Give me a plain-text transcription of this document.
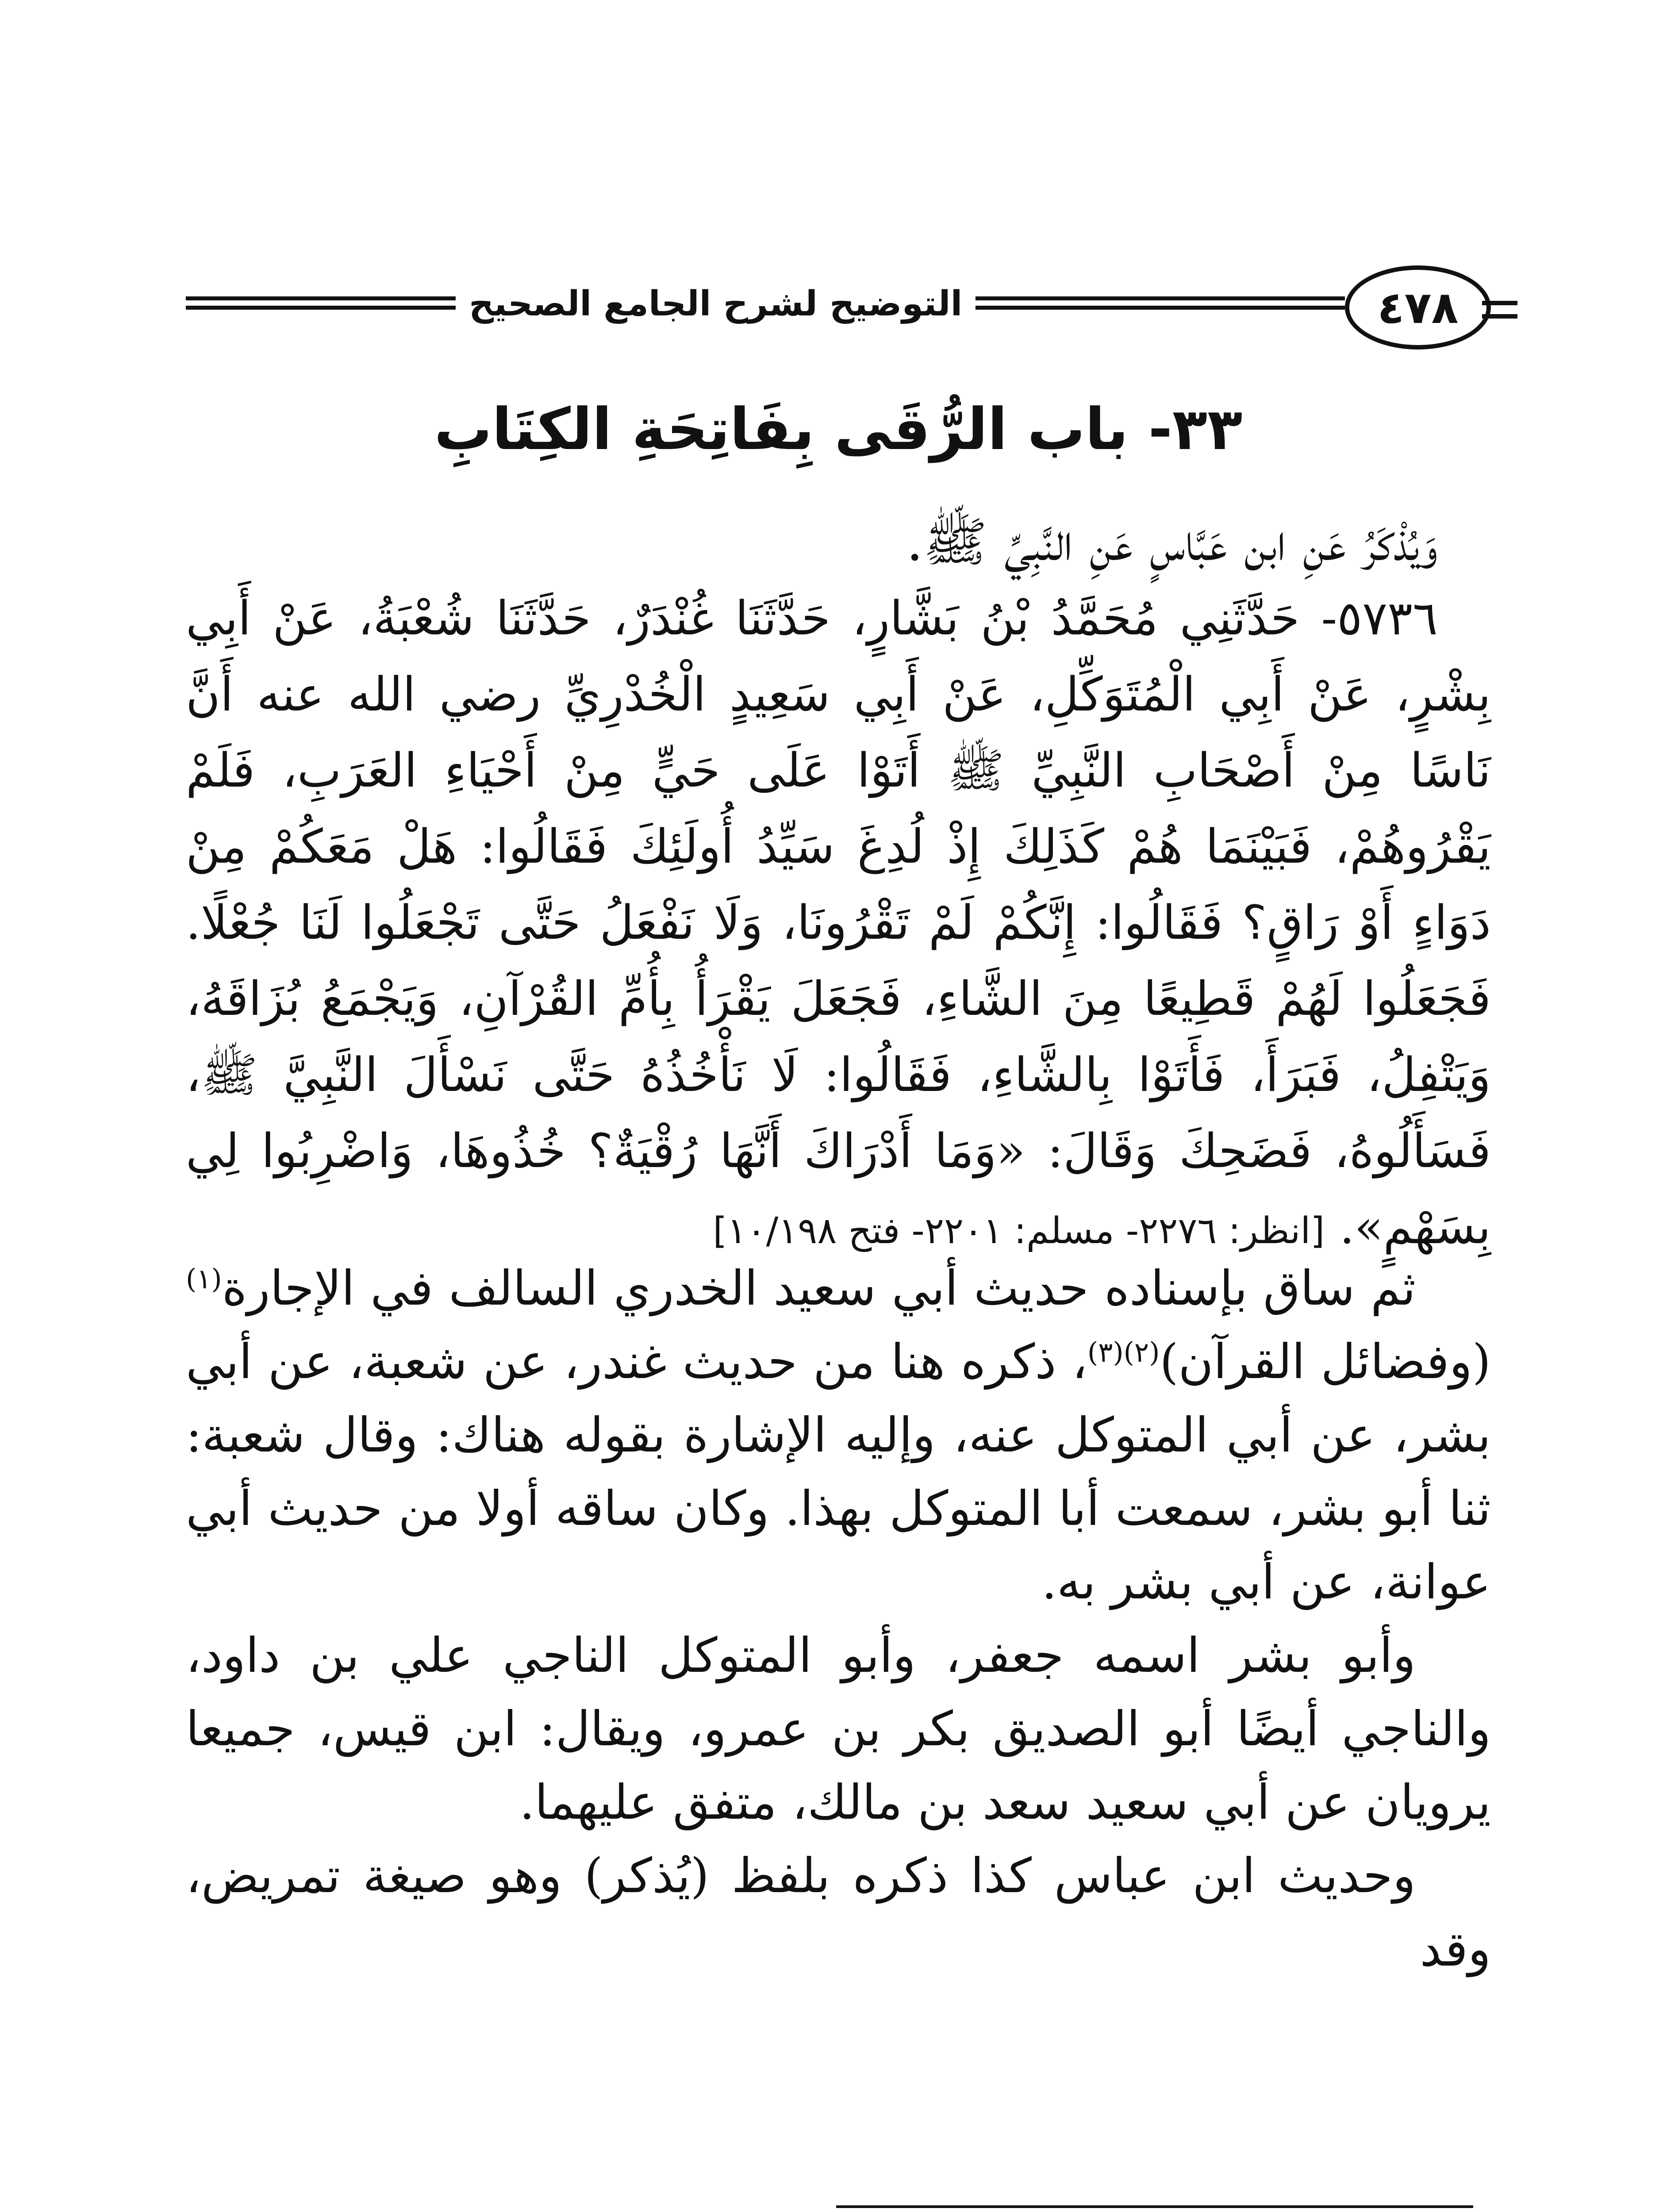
٤٧٨
التوضيح لشرح الجامع الصحيح
٣٣- باب الرُّقَى بِفَاتِحَةِ الكِتَابِ
وَيُذْكَرُ عَنِ ابن عَبَّاسٍ عَنِ النَّبِيِّ ﷺ.
٥٧٣٦- حَدَّثَنِي مُحَمَّدُ بْنُ بَشَّارٍ، حَدَّثَنَا غُنْدَرٌ، حَدَّثَنَا شُعْبَةُ، عَنْ أَبِي بِشْرٍ، عَنْ أَبِي الْمُتَوَكِّلِ، عَنْ أَبِي سَعِيدٍ الْخُدْرِيِّ رضي الله عنه أَنَّ نَاسًا مِنْ أَصْحَابِ النَّبِيِّ ﷺ أَتَوْا عَلَى حَيٍّ مِنْ أَحْيَاءِ العَرَبِ، فَلَمْ يَقْرُوهُمْ، فَبَيْنَمَا هُمْ كَذَلِكَ إِذْ لُدِغَ سَيِّدُ أُولَئِكَ فَقَالُوا: هَلْ مَعَكُمْ مِنْ دَوَاءٍ أَوْ رَاقٍ؟ فَقَالُوا: إِنَّكُمْ لَمْ تَقْرُونَا، وَلَا نَفْعَلُ حَتَّى تَجْعَلُوا لَنَا جُعْلًا. فَجَعَلُوا لَهُمْ قَطِيعًا مِنَ الشَّاءِ، فَجَعَلَ يَقْرَأُ بِأُمِّ القُرْآنِ، وَيَجْمَعُ بُزَاقَهُ، وَيَتْفِلُ، فَبَرَأَ، فَأَتَوْا بِالشَّاءِ، فَقَالُوا: لَا نَأْخُذُهُ حَتَّى نَسْأَلَ النَّبِيَّ ﷺ، فَسَأَلُوهُ، فَضَحِكَ وَقَالَ: «وَمَا أَدْرَاكَ أَنَّهَا رُقْيَةٌ؟ خُذُوهَا، وَاضْرِبُوا لِي بِسَهْمٍ». [انظر: ٢٢٧٦- مسلم: ٢٢٠١- فتح ١٠/١٩٨]

ثم ساق بإسناده حديث أبي سعيد الخدري السالف في الإجارة$^{(١)}$ (وفضائل القرآن)$^{(٢)(٣)}$، ذكره هنا من حديث غندر، عن شعبة، عن أبي بشر، عن أبي المتوكل عنه، وإليه الإشارة بقوله هناك: وقال شعبة: ثنا أبو بشر، سمعت أبا المتوكل بهذا. وكان ساقه أولا من حديث أبي عوانة، عن أبي بشر به.

وأبو بشر اسمه جعفر، وأبو المتوكل الناجي علي بن داود، والناجي أيضًا أبو الصديق بكر بن عمرو، ويقال: ابن قيس، جميعا يرويان عن أبي سعيد سعد بن مالك، متفق عليهما.

وحديث ابن عباس كذا ذكره بلفظ (يُذكر) وهو صيغة تمريض، وقد
